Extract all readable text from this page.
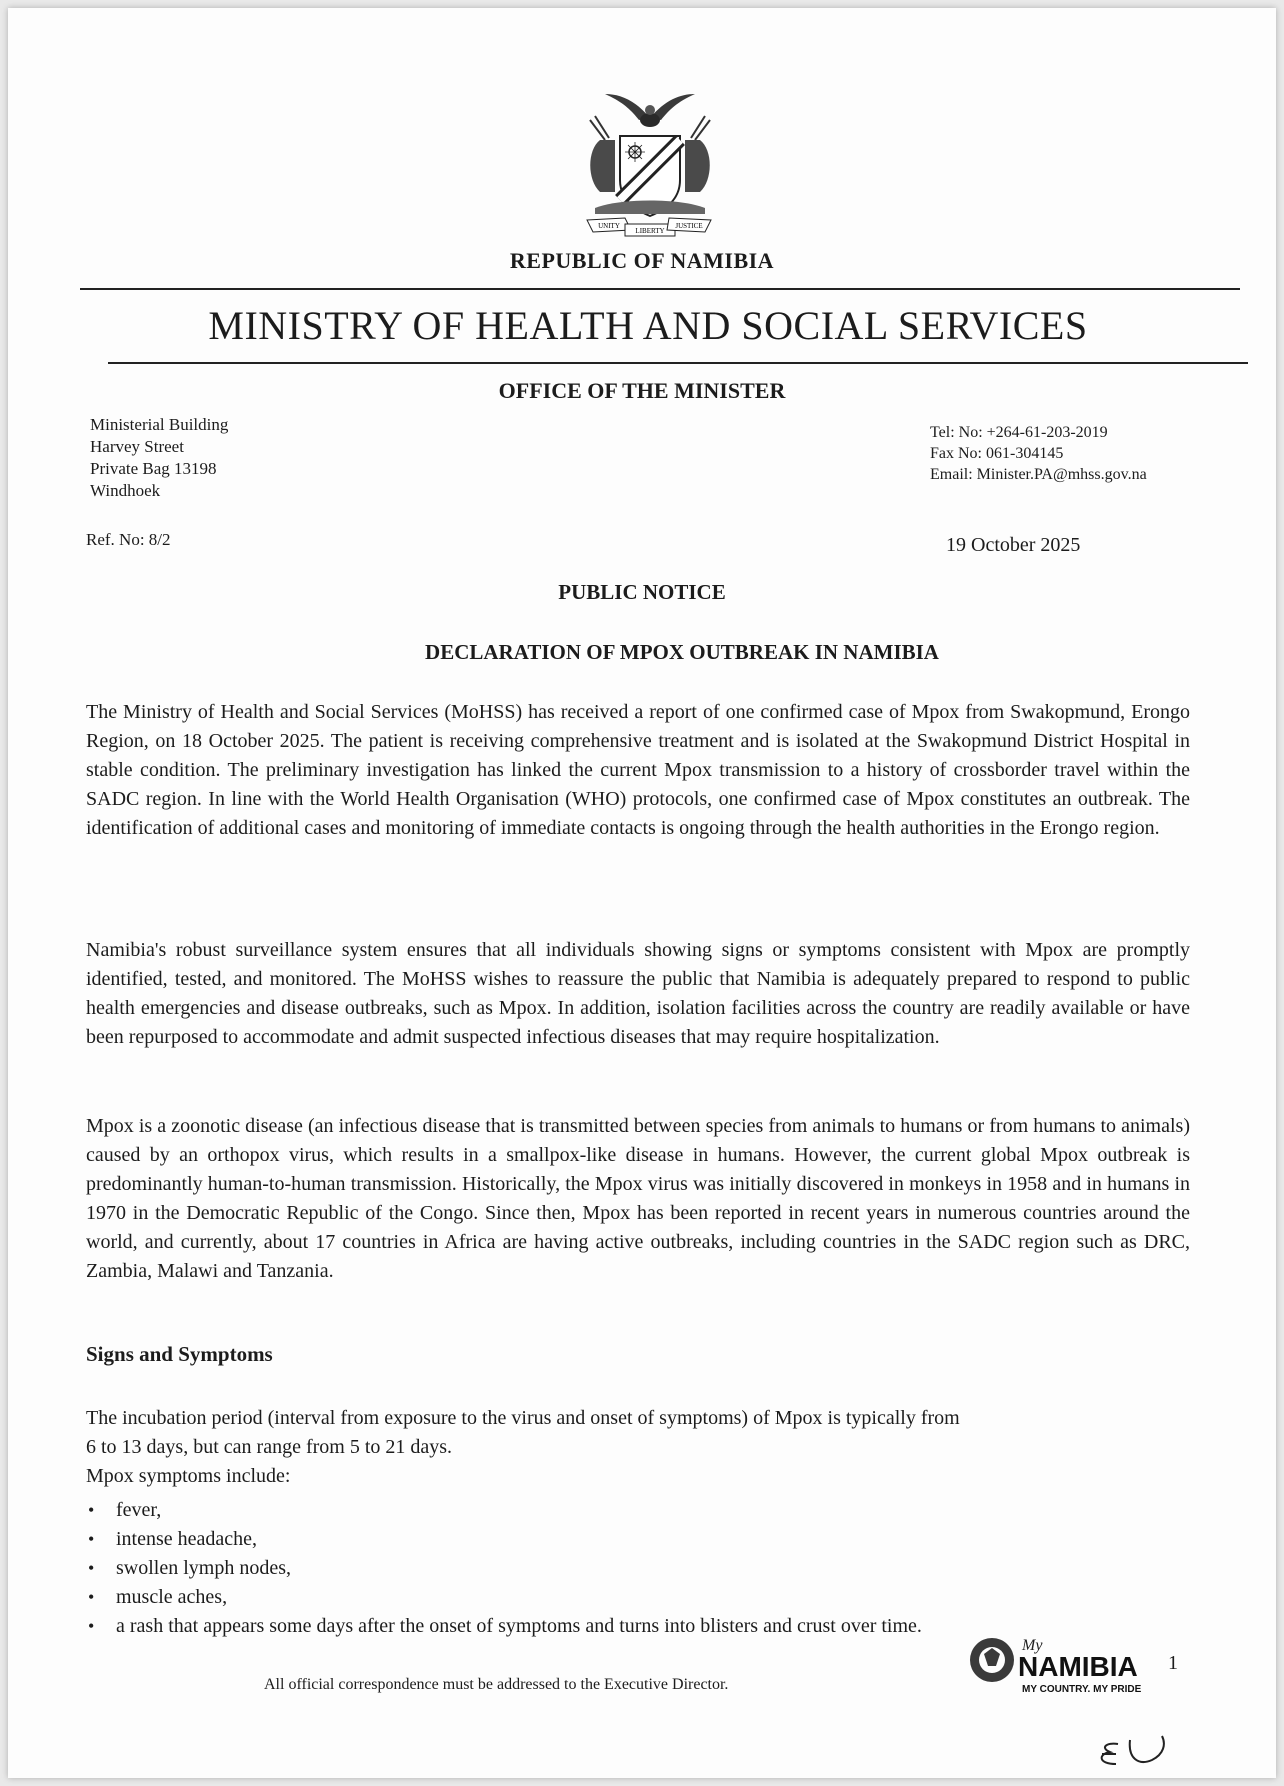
UNITY
LIBERTY
JUSTICE
REPUBLIC OF NAMIBIA
MINISTRY OF HEALTH AND SOCIAL SERVICES
OFFICE OF THE MINISTER
Ministerial Building
Harvey Street
Private Bag 13198
Windhoek
Tel: No: +264-61-203-2019
Fax No: 061-304145
Email: Minister.PA@mhss.gov.na
Ref. No: 8/2	19 October 2025
PUBLIC NOTICE
DECLARATION OF MPOX OUTBREAK IN NAMIBIA
The Ministry of Health and Social Services (MoHSS) has received a report of one confirmed case of Mpox from Swakopmund, Erongo Region, on 18 October 2025. The patient is receiving comprehensive treatment and is isolated at the Swakopmund District Hospital in stable condition. The preliminary investigation has linked the current Mpox transmission to a history of crossborder travel within the SADC region. In line with the World Health Organisation (WHO) protocols, one confirmed case of Mpox constitutes an outbreak. The identification of additional cases and monitoring of immediate contacts is ongoing through the health authorities in the Erongo region.
Namibia's robust surveillance system ensures that all individuals showing signs or symptoms consistent with Mpox are promptly identified, tested, and monitored. The MoHSS wishes to reassure the public that Namibia is adequately prepared to respond to public health emergencies and disease outbreaks, such as Mpox. In addition, isolation facilities across the country are readily available or have been repurposed to accommodate and admit suspected infectious diseases that may require hospitalization.
Mpox is a zoonotic disease (an infectious disease that is transmitted between species from animals to humans or from humans to animals) caused by an orthopox virus, which results in a smallpox-like disease in humans. However, the current global Mpox outbreak is predominantly human-to-human transmission. Historically, the Mpox virus was initially discovered in monkeys in 1958 and in humans in 1970 in the Democratic Republic of the Congo. Since then, Mpox has been reported in recent years in numerous countries around the world, and currently, about 17 countries in Africa are having active outbreaks, including countries in the SADC region such as DRC, Zambia, Malawi and Tanzania.
Signs and Symptoms
The incubation period (interval from exposure to the virus and onset of symptoms) of Mpox is typically from
6 to 13 days, but can range from 5 to 21 days.
Mpox symptoms include:
• fever,
• intense headache,
• swollen lymph nodes,
• muscle aches,
• a rash that appears some days after the onset of symptoms and turns into blisters and crust over time.
All official correspondence must be addressed to the Executive Director.
My
NAMIBIA
MY COUNTRY. MY PRIDE
1
